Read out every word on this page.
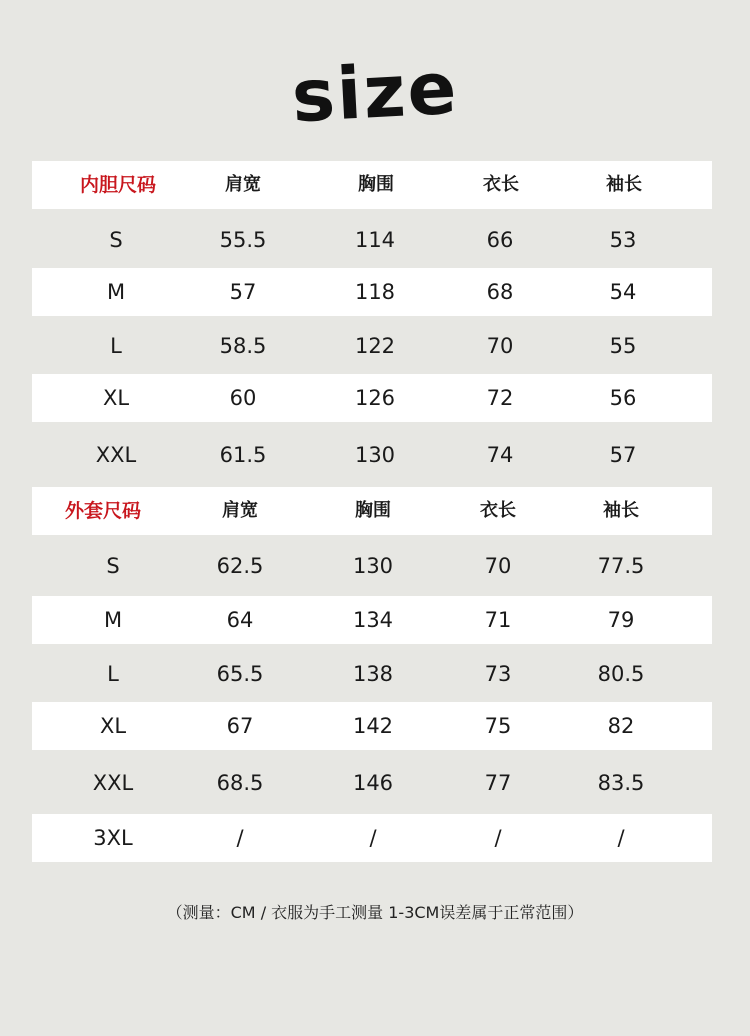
size
内胆尺码	肩宽	胸围	衣长	袖长
S	55.5	114	66	53
M	57	118	68	54
L	58.5	122	70	55
XL	60	126	72	56
XXL	61.5	130	74	57
外套尺码	肩宽	胸围	衣长	袖长
S	62.5	130	70	77.5
M	64	134	71	79
L	65.5	138	73	80.5
XL	67	142	75	82
XXL	68.5	146	77	83.5
3XL	/	/	/	/
（测量：CM / 衣服为手工测量 1-3CM误差属于正常范围）
